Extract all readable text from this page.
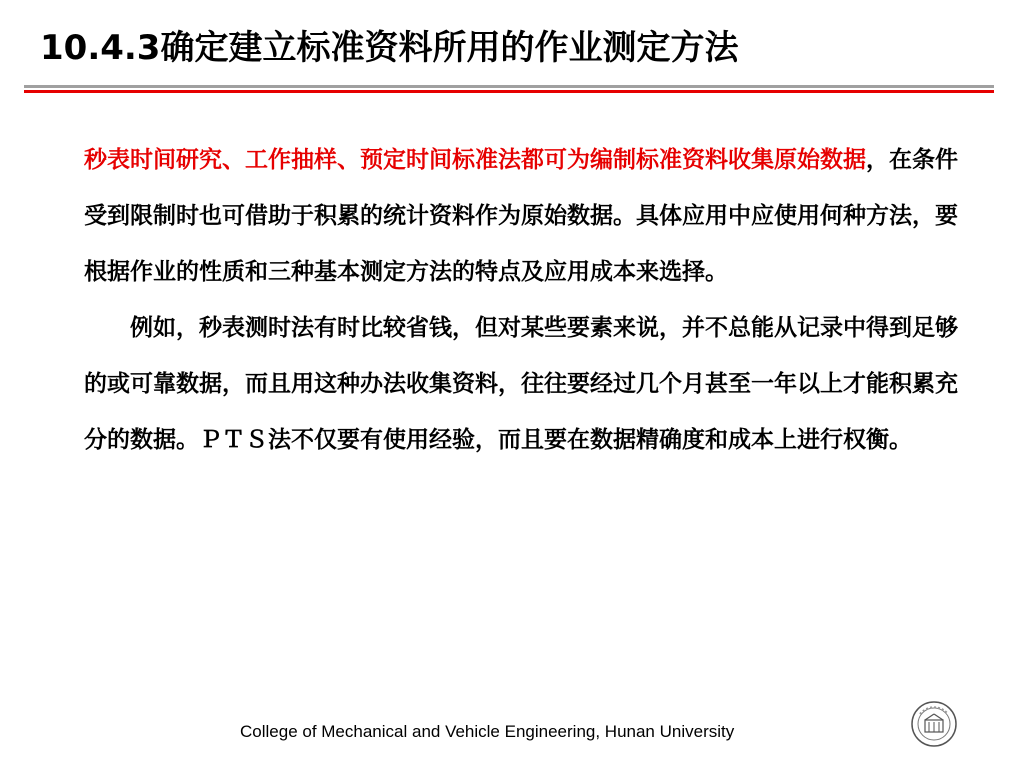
10.4.3确定建立标准资料所用的作业测定方法

秒表时间研究、工作抽样、预定时间标准法都可为编制标准资料收集原始数据，在条件受到限制时也可借助于积累的统计资料作为原始数据。具体应用中应使用何种方法，要根据作业的性质和三种基本测定方法的特点及应用成本来选择。

例如，秒表测时法有时比较省钱，但对某些要素来说，并不总能从记录中得到足够的或可靠数据，而且用这种办法收集资料，往往要经过几个月甚至一年以上才能积累充分的数据。ＰＴＳ法不仅要有使用经验，而且要在数据精确度和成本上进行权衡。

College of Mechanical and Vehicle Engineering, Hunan University
